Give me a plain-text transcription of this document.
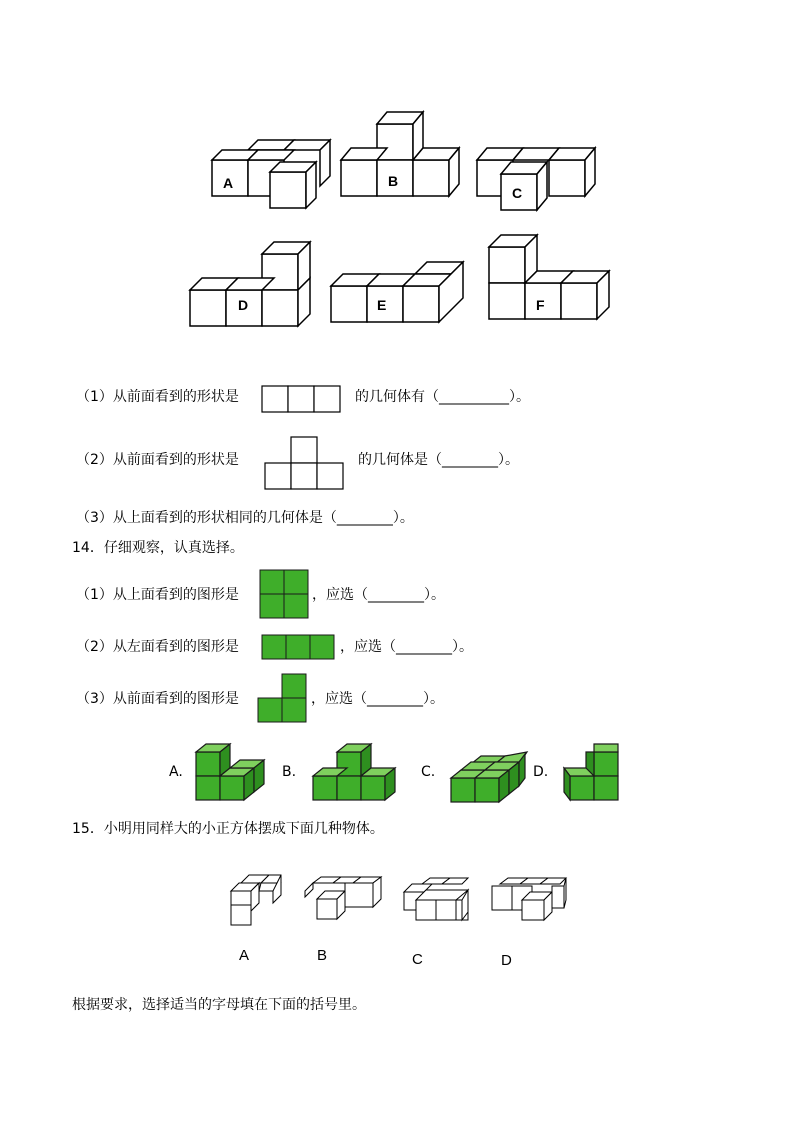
A	B
C
D	E	F
（1）从前面看到的形状是	的几何体有（__________）。
（2）从前面看到的形状是	的几何体是（________）。
（3）从上面看到的形状相同的几何体是（________）。
14．仔细观察，认真选择。
（1）从上面看到的图形是	，应选（________）。
（2）从左面看到的图形是	，应选（________）。
（3）从前面看到的图形是	，应选（________）。
A.	B.	C.	D.
15．小明用同样大的小正方体摆成下面几种物体。
A	B	C	D
根据要求，选择适当的字母填在下面的括号里。
